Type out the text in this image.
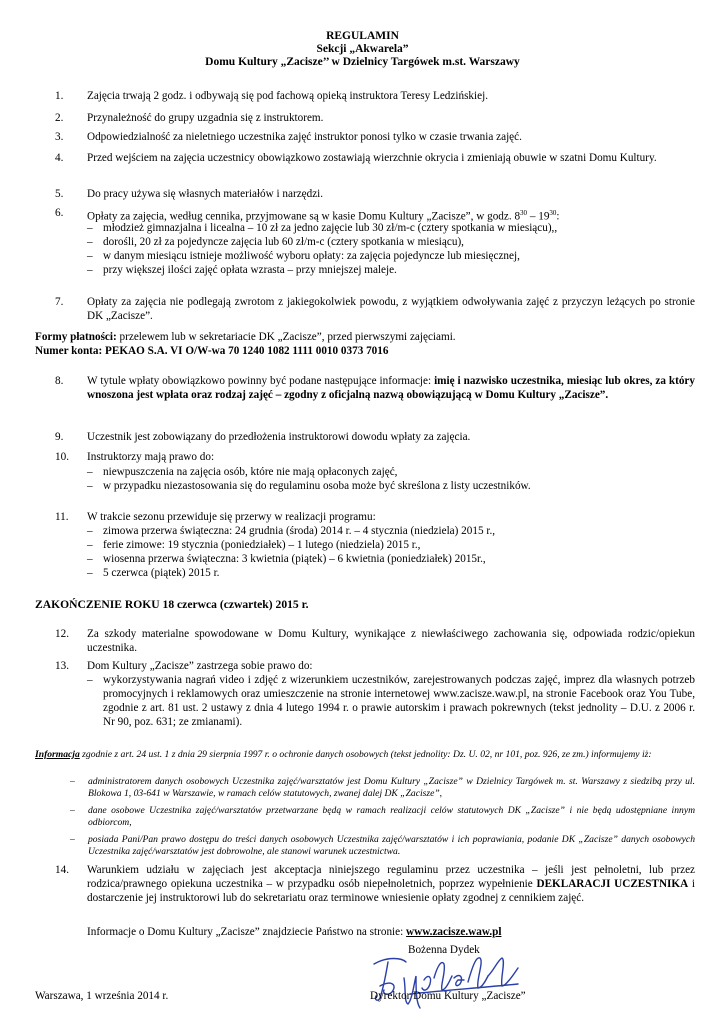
REGULAMIN
Sekcji „Akwarela”
Domu Kultury „Zacisze’’ w Dzielnicy Targówek m.st. Warszawy
1.	Zajęcia trwają 2 godz. i odbywają się pod fachową opieką instruktora Teresy Ledzińskiej.
2.	Przynależność do grupy uzgadnia się z instruktorem.
3.	Odpowiedzialność za nieletniego uczestnika zajęć instruktor ponosi tylko w czasie trwania zajęć.
4.	Przed wejściem na zajęcia uczestnicy obowiązkowo zostawiają wierzchnie okrycia i zmieniają obuwie w szatni Domu Kultury.
5.	Do pracy używa się własnych materiałów i narzędzi.
6.	Opłaty za zajęcia, według cennika, przyjmowane są w kasie Domu Kultury „Zacisze”, w godz. $8^{30} - 19^{30}$:
– młodzież gimnazjalna i licealna – 10 zł za jedno zajęcie lub 30 zł/m-c (cztery spotkania w miesiącu),,
– dorośli, 20 zł za pojedyncze zajęcia lub 60 zł/m-c (cztery spotkania w miesiącu),
– w danym miesiącu istnieje możliwość wyboru opłaty: za zajęcia pojedyncze lub miesięcznej,
– przy większej ilości zajęć opłata wzrasta – przy mniejszej maleje.
7.	Opłaty za zajęcia nie podlegają zwrotom z jakiegokolwiek powodu, z wyjątkiem odwoływania zajęć z przyczyn leżących po stronie DK „Zacisze”.
Formy płatności: przelewem lub w sekretariacie DK „Zacisze”, przed pierwszymi zajęciami.
Numer konta: PEKAO S.A. VI O/W-wa 70 1240 1082 1111 0010 0373 7016
8.	W tytule wpłaty obowiązkowo powinny być podane następujące informacje: imię i nazwisko uczestnika, miesiąc lub okres, za który wnoszona jest wpłata oraz rodzaj zajęć – zgodny z oficjalną nazwą obowiązującą w Domu Kultury „Zacisze”.
9.	Uczestnik jest zobowiązany do przedłożenia instruktorowi dowodu wpłaty za zajęcia.
10.	Instruktorzy mają prawo do:
– niewpuszczenia na zajęcia osób, które nie mają opłaconych zajęć,
– w przypadku niezastosowania się do regulaminu osoba może być skreślona z listy uczestników.
11.	W trakcie sezonu przewiduje się przerwy w realizacji programu:
– zimowa przerwa świąteczna: 24 grudnia (środa) 2014 r. – 4 stycznia (niedziela) 2015 r.,
– ferie zimowe: 19 stycznia (poniedziałek) – 1 lutego (niedziela) 2015 r.,
– wiosenna przerwa świąteczna: 3 kwietnia (piątek) – 6 kwietnia (poniedziałek) 2015r.,
– 5 czerwca (piątek) 2015 r.
ZAKOŃCZENIE ROKU 18 czerwca (czwartek) 2015 r.
12.	Za szkody materialne spowodowane w Domu Kultury, wynikające z niewłaściwego zachowania się, odpowiada rodzic/opiekun uczestnika.
13.	Dom Kultury „Zacisze” zastrzega sobie prawo do:
– wykorzystywania nagrań video i zdjęć z wizerunkiem uczestników, zarejestrowanych podczas zajęć, imprez dla własnych potrzeb promocyjnych i reklamowych oraz umieszczenie na stronie internetowej www.zacisze.waw.pl, na stronie Facebook oraz You Tube, zgodnie z art. 81 ust. 2 ustawy z dnia 4 lutego 1994 r. o prawie autorskim i prawach pokrewnych (tekst jednolity – D.U. z 2006 r. Nr 90, poz. 631; ze zmianami).
Informacja zgodnie z art. 24 ust. 1 z dnia 29 sierpnia 1997 r. o ochronie danych osobowych (tekst jednolity: Dz. U. 02, nr 101, poz. 926, ze zm.) informujemy iż:
– administratorem danych osobowych Uczestnika zajęć/warsztatów jest Domu Kultury „Zacisze” w Dzielnicy Targówek m. st. Warszawy z siedzibą przy ul. Blokowa 1, 03-641 w Warszawie, w ramach celów statutowych, zwanej dalej DK „Zacisze”,
– dane osobowe Uczestnika zajęć/warsztatów przetwarzane będą w ramach realizacji celów statutowych DK „Zacisze” i nie będą udostępniane innym odbiorcom,
– posiada Pani/Pan prawo dostępu do treści danych osobowych Uczestnika zajęć/warsztatów i ich poprawiania, podanie DK „Zacisze” danych osobowych Uczestnika zajęć/warsztatów jest dobrowolne, ale stanowi warunek uczestnictwa.
14.	Warunkiem udziału w zajęciach jest akceptacja niniejszego regulaminu przez uczestnika – jeśli jest pełnoletni, lub przez rodzica/prawnego opiekuna uczestnika – w przypadku osób niepełnoletnich, poprzez wypełnienie DEKLARACJI UCZESTNIKA i dostarczenie jej instruktorowi lub do sekretariatu oraz terminowe wniesienie opłaty zgodnej z cennikiem zajęć.
Informacje o Domu Kultury „Zacisze” znajdziecie Państwo na stronie: www.zacisze.waw.pl
Bożenna Dydek
Warszawa, 1 września 2014 r.	Dyrektor Domu Kultury „Zacisze”
